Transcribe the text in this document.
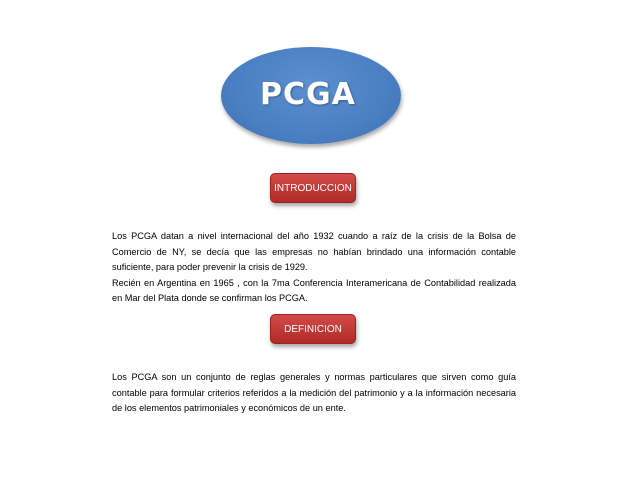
PCGA
INTRODUCCION

Los PCGA datan a nivel internacional del año 1932 cuando a raíz de la crisis de la Bolsa de Comercio de NY, se decía que las empresas no habían brindado una información contable suficiente, para poder prevenir la crisis de 1929.

Recién en Argentina en 1965 , con la 7ma Conferencia Interamericana de Contabilidad realizada en Mar del Plata donde se confirman los PCGA.

DEFINICION

Los PCGA son un conjunto de reglas generales y normas particulares que sirven como guía contable para formular criterios referidos a la medición del patrimonio y a la información necesaria de los elementos patrimoniales y económicos de un ente.
